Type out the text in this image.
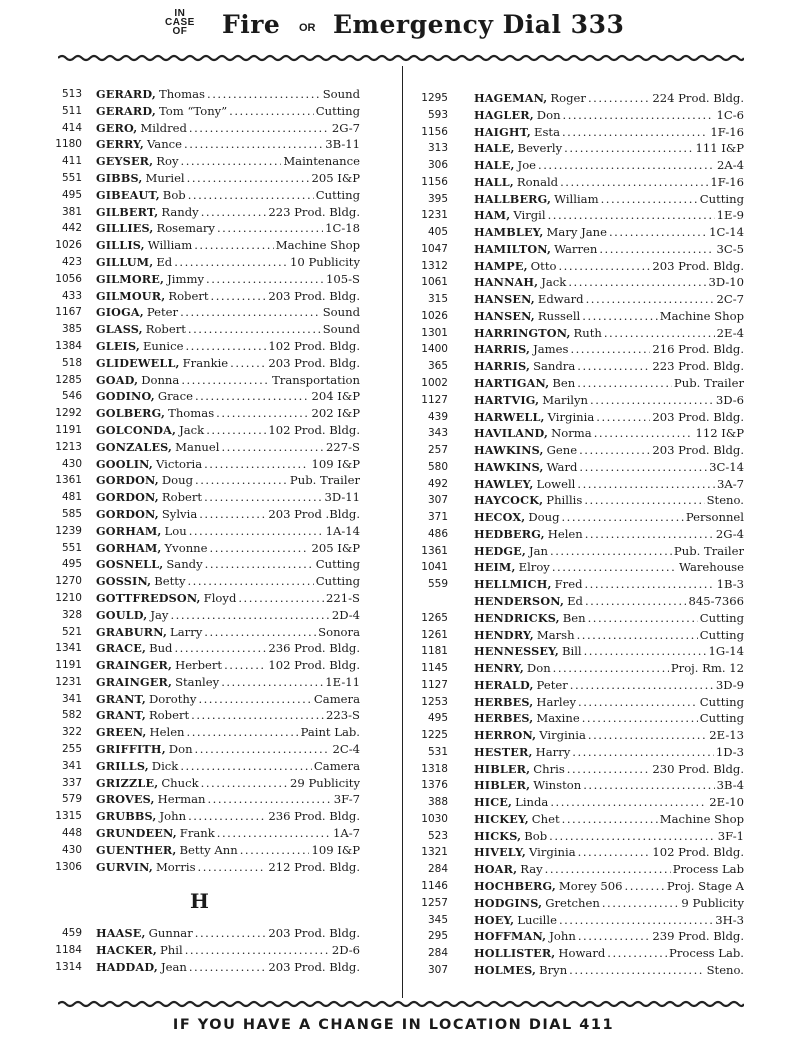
IN
CASE
OF Fire OR Emergency Dial 333
513 GERARD, Thomas .....	Sound
511 GERARD, Tom “Tony” .....	Cutting
414 GERO, Mildred .....	2G-7
1180 GERRY, Vance .....	3B-11
411 GEYSER, Roy .....	Maintenance
551 GIBBS, Muriel .....	205 I&P
495 GIBEAUT, Bob .....	Cutting
381 GILBERT, Randy .....	223 Prod. Bldg.
442 GILLIES, Rosemary .....	1C-18
1026 GILLIS, William .....	Machine Shop
423 GILLUM, Ed .....	10 Publicity
1056 GILMORE, Jimmy .....	105-S
433 GILMOUR, Robert .....	203 Prod. Bldg.
1167 GIOGA, Peter .....	Sound
385 GLASS, Robert .....	Sound
1384 GLEIS, Eunice .....	102 Prod. Bldg.
518 GLIDEWELL, Frankie .....	203 Prod. Bldg.
1285 GOAD, Donna .....	Transportation
546 GODINO, Grace .....	204 I&P
1292 GOLBERG, Thomas .....	202 I&P
1191 GOLCONDA, Jack .....	102 Prod. Bldg.
1213 GONZALES, Manuel .....	227-S
430 GOOLIN, Victoria .....	109 I&P
1361 GORDON, Doug .....	Pub. Trailer
481 GORDON, Robert .....	3D-11
585 GORDON, Sylvia .....	203 Prod .Bldg.
1239 GORHAM, Lou .....	1A-14
551 GORHAM, Yvonne .....	205 I&P
495 GOSNELL, Sandy .....	Cutting
1270 GOSSIN, Betty .....	Cutting
1210 GOTTFREDSON, Floyd .....	221-S
328 GOULD, Jay .....	2D-4
521 GRABURN, Larry .....	Sonora
1341 GRACE, Bud .....	236 Prod. Bldg.
1191 GRAINGER, Herbert .....	102 Prod. Bldg.
1231 GRAINGER, Stanley .....	1E-11
341 GRANT, Dorothy .....	Camera
582 GRANT, Robert .....	223-S
322 GREEN, Helen .....	Paint Lab.
255 GRIFFITH, Don .....	2C-4
341 GRILLS, Dick .....	Camera
337 GRIZZLE, Chuck .....	29 Publicity
579 GROVES, Herman .....	3F-7
1315 GRUBBS, John .....	236 Prod. Bldg.
448 GRUNDEEN, Frank .....	1A-7
430 GUENTHER, Betty Ann .....	109 I&P
1306 GURVIN, Morris .....	212 Prod. Bldg.
H
459 HAASE, Gunnar .....	203 Prod. Bldg.
1184 HACKER, Phil .....	2D-6
1314 HADDAD, Jean .....	203 Prod. Bldg.
1295 HAGEMAN, Roger .....	224 Prod. Bldg.
593 HAGLER, Don .....	1C-6
1156 HAIGHT, Esta .....	1F-16
313 HALE, Beverly .....	111 I&P
306 HALE, Joe .....	2A-4
1156 HALL, Ronald .....	1F-16
395 HALLBERG, William .....	Cutting
1231 HAM, Virgil .....	1E-9
405 HAMBLEY, Mary Jane .....	1C-14
1047 HAMILTON, Warren .....	3C-5
1312 HAMPE, Otto .....	203 Prod. Bldg.
1061 HANNAH, Jack .....	3D-10
315 HANSEN, Edward .....	2C-7
1026 HANSEN, Russell .....	Machine Shop
1301 HARRINGTON, Ruth .....	2E-4
1400 HARRIS, James .....	216 Prod. Bldg.
365 HARRIS, Sandra .....	223 Prod. Bldg.
1002 HARTIGAN, Ben .....	Pub. Trailer
1127 HARTVIG, Marilyn .....	3D-6
439 HARWELL, Virginia .....	203 Prod. Bldg.
343 HAVILAND, Norma .....	112 I&P
257 HAWKINS, Gene .....	203 Prod. Bldg.
580 HAWKINS, Ward .....	3C-14
492 HAWLEY, Lowell .....	3A-7
307 HAYCOCK, Phillis .....	Steno.
371 HECOX, Doug .....	Personnel
486 HEDBERG, Helen .....	2G-4
1361 HEDGE, Jan .....	Pub. Trailer
1041 HEIM, Elroy .....	Warehouse
559 HELLMICH, Fred .....	1B-3
HENDERSON, Ed .....	845-7366
1265 HENDRICKS, Ben .....	Cutting
1261 HENDRY, Marsh .....	Cutting
1181 HENNESSEY, Bill .....	1G-14
1145 HENRY, Don .....	Proj. Rm. 12
1127 HERALD, Peter .....	3D-9
1253 HERBES, Harley .....	Cutting
495 HERBES, Maxine .....	Cutting
1225 HERRON, Virginia .....	2E-13
531 HESTER, Harry .....	1D-3
1318 HIBLER, Chris .....	230 Prod. Bldg.
1376 HIBLER, Winston .....	3B-4
388 HICE, Linda .....	2E-10
1030 HICKEY, Chet .....	Machine Shop
523 HICKS, Bob .....	3F-1
1321 HIVELY, Virginia .....	102 Prod. Bldg.
284 HOAR, Ray .....	Process Lab
1146 HOCHBERG, Morey 506 .....	Proj. Stage A
1257 HODGINS, Gretchen .....	9 Publicity
345 HOEY, Lucille .....	3H-3
295 HOFFMAN, John .....	239 Prod. Bldg.
284 HOLLISTER, Howard .....	Process Lab.
307 HOLMES, Bryn .....	Steno.
IF YOU HAVE A CHANGE IN LOCATION DIAL 411
